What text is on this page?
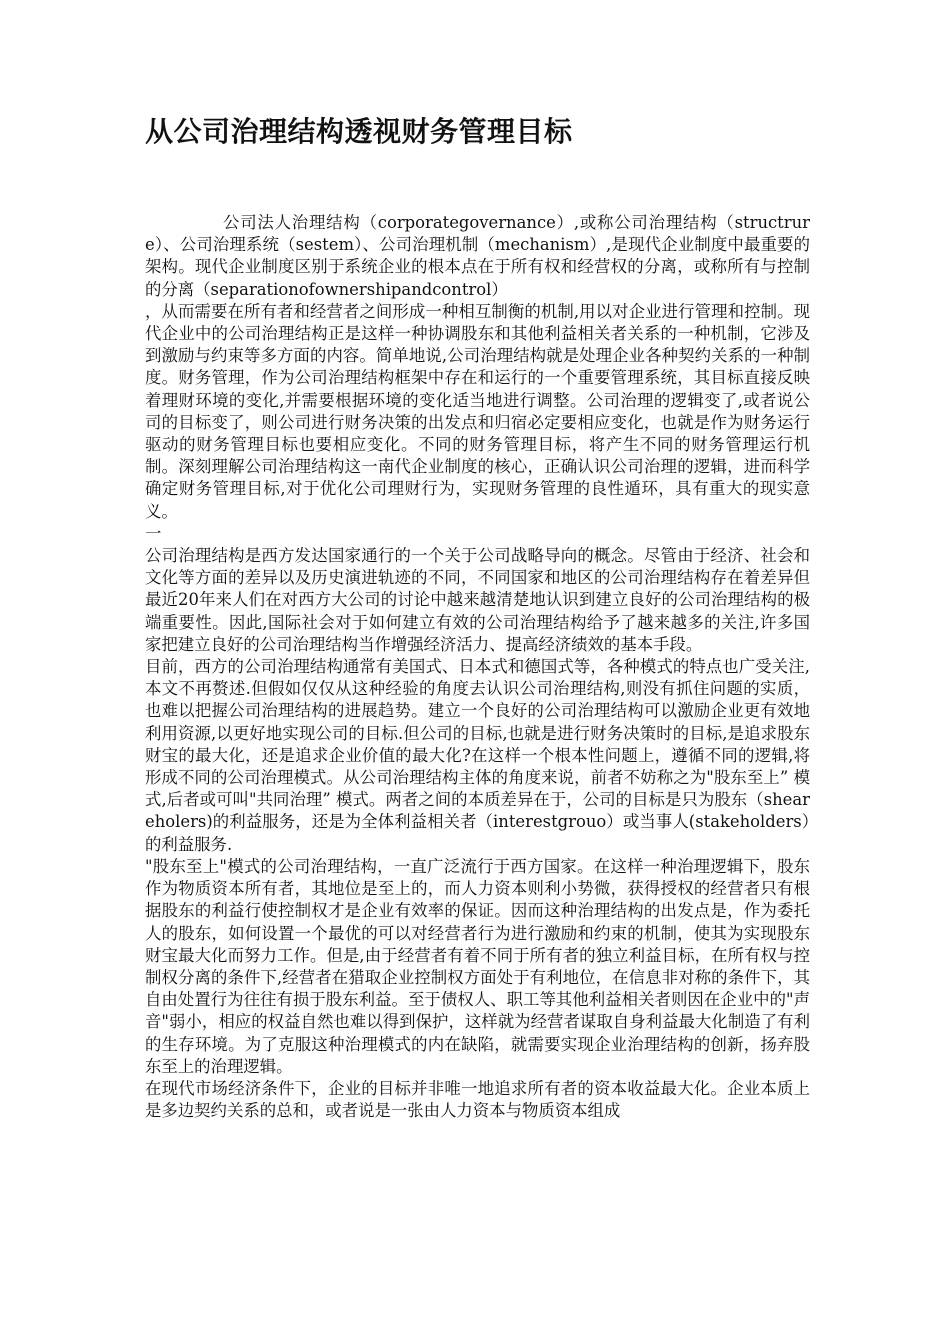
从公司治理结构透视财务管理目标

公司法人治理结构（corporategovernance）,或称公司治理结构（structrure）、公司治理系统（sestem）、公司治理机制（mechanism）,是现代企业制度中最重要的架构。现代企业制度区别于系统企业的根本点在于所有权和经营权的分离，或称所有与控制的分离（separationofownershipandcontrol）

，从而需要在所有者和经营者之间形成一种相互制衡的机制,用以对企业进行管理和控制。现代企业中的公司治理结构正是这样一种协调股东和其他利益相关者关系的一种机制，它涉及到激励与约束等多方面的内容。简单地说,公司治理结构就是处理企业各种契约关系的一种制度。财务管理，作为公司治理结构框架中存在和运行的一个重要管理系统，其目标直接反映着理财环境的变化,并需要根据环境的变化适当地进行调整。公司治理的逻辑变了,或者说公司的目标变了，则公司进行财务决策的出发点和归宿必定要相应变化，也就是作为财务运行驱动的财务管理目标也要相应变化。不同的财务管理目标，将产生不同的财务管理运行机制。深刻理解公司治理结构这一南代企业制度的核心，正确认识公司治理的逻辑，进而科学确定财务管理目标,对于优化公司理财行为，实现财务管理的良性遁环，具有重大的现实意义。

一

公司治理结构是西方发达国家通行的一个关于公司战略导向的概念。尽管由于经济、社会和文化等方面的差异以及历史演进轨迹的不同，不同国家和地区的公司治理结构存在着差异但最近20年来人们在对西方大公司的讨论中越来越清楚地认识到建立良好的公司治理结构的极端重要性。因此,国际社会对于如何建立有效的公司治理结构给予了越来越多的关注,许多国家把建立良好的公司治理结构当作增强经济活力、提高经济绩效的基本手段。

目前，西方的公司治理结构通常有美国式、日本式和德国式等，各种模式的特点也广受关注,本文不再赘述.但假如仅仅从这种经验的角度去认识公司治理结构,则没有抓住问题的实质，也难以把握公司治理结构的进展趋势。建立一个良好的公司治理结构可以激励企业更有效地利用资源,以更好地实现公司的目标.但公司的目标,也就是进行财务决策时的目标,是追求股东财宝的最大化，还是追求企业价值的最大化?在这样一个根本性问题上，遵循不同的逻辑,将形成不同的公司治理模式。从公司治理结构主体的角度来说，前者不妨称之为"股东至上” 模式,后者或可叫"共同治理” 模式。两者之间的本质差异在于，公司的目标是只为股东（sheareholers)的利益服务，还是为全体利益相关者（interestgrouo）或当事人(stakeholders）的利益服务.

"股东至上"模式的公司治理结构，一直广泛流行于西方国家。在这样一种治理逻辑下，股东作为物质资本所有者，其地位是至上的，而人力资本则利小势微，获得授权的经营者只有根据股东的利益行使控制权才是企业有效率的保证。因而这种治理结构的出发点是，作为委托人的股东，如何设置一个最优的可以对经营者行为进行激励和约束的机制，使其为实现股东财宝最大化而努力工作。但是,由于经营者有着不同于所有者的独立利益目标，在所有权与控制权分离的条件下,经营者在猎取企业控制权方面处于有利地位，在信息非对称的条件下，其自由处置行为往往有损于股东利益。至于债权人、职工等其他利益相关者则因在企业中的"声音"弱小，相应的权益自然也难以得到保护，这样就为经营者谋取自身利益最大化制造了有利的生存环境。为了克服这种治理模式的内在缺陷，就需要实现企业治理结构的创新，扬弃股东至上的治理逻辑。

在现代市场经济条件下，企业的目标并非唯一地追求所有者的资本收益最大化。企业本质上是多边契约关系的总和，或者说是一张由人力资本与物质资本组成
